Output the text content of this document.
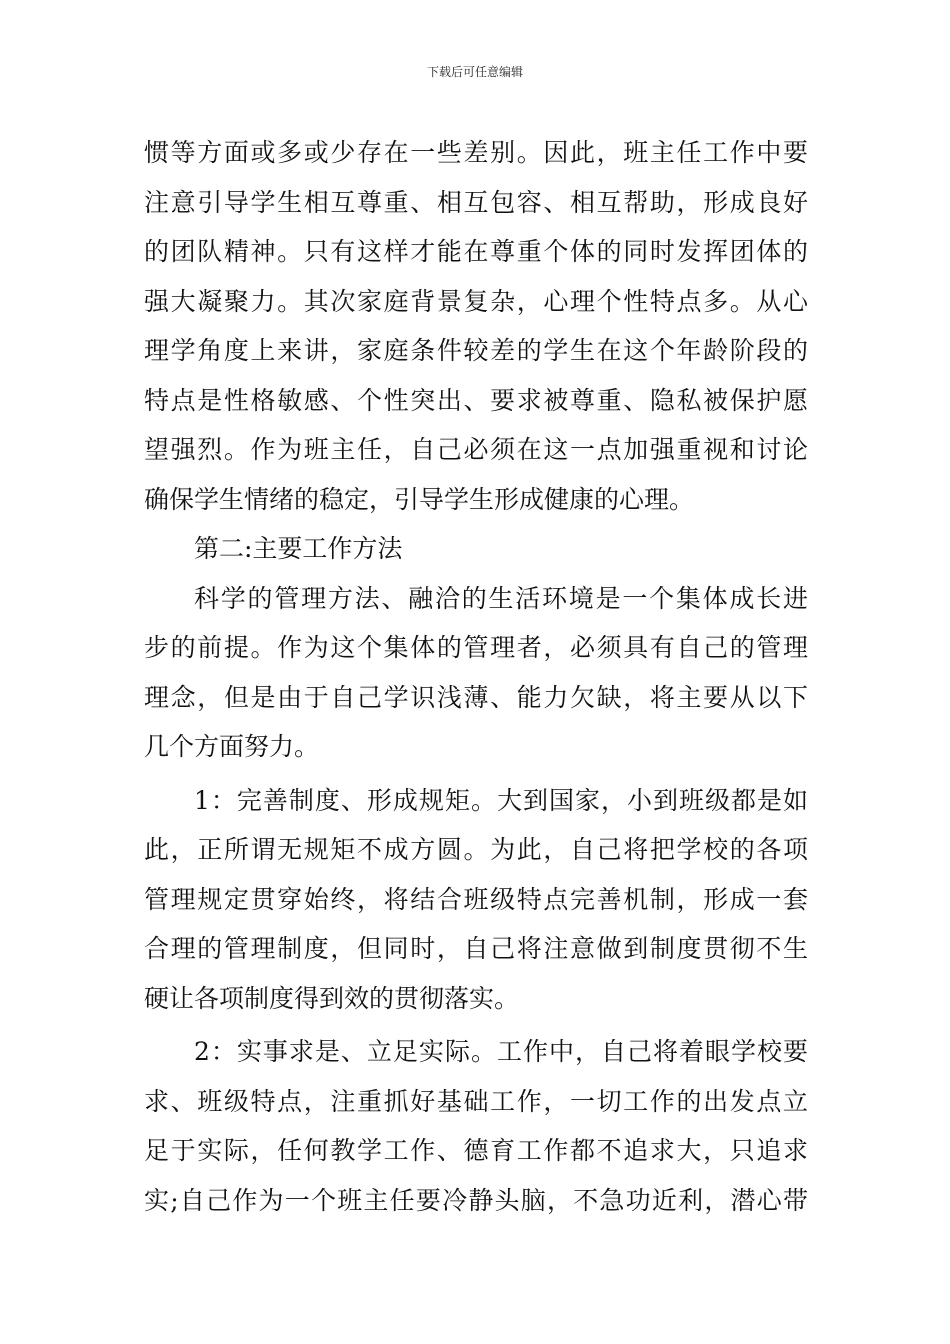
下载后可任意编辑
惯等方面或多或少存在一些差别。因此，班主任工作中要
注意引导学生相互尊重、相互包容、相互帮助，形成良好
的团队精神。只有这样才能在尊重个体的同时发挥团体的
强大凝聚力。其次家庭背景复杂，心理个性特点多。从心
理学角度上来讲，家庭条件较差的学生在这个年龄阶段的
特点是性格敏感、个性突出、要求被尊重、隐私被保护愿
望强烈。作为班主任，自己必须在这一点加强重视和讨论
确保学生情绪的稳定，引导学生形成健康的心理。
第二:主要工作方法
科学的管理方法、融洽的生活环境是一个集体成长进
步的前提。作为这个集体的管理者，必须具有自己的管理
理念，但是由于自己学识浅薄、能力欠缺，将主要从以下
几个方面努力。
1：完善制度、形成规矩。大到国家，小到班级都是如
此，正所谓无规矩不成方圆。为此，自己将把学校的各项
管理规定贯穿始终，将结合班级特点完善机制，形成一套
合理的管理制度，但同时，自己将注意做到制度贯彻不生
硬让各项制度得到效的贯彻落实。
2：实事求是、立足实际。工作中，自己将着眼学校要
求、班级特点，注重抓好基础工作，一切工作的出发点立
足于实际，任何教学工作、德育工作都不追求大，只追求
实;自己作为一个班主任要冷静头脑，不急功近利，潜心带
